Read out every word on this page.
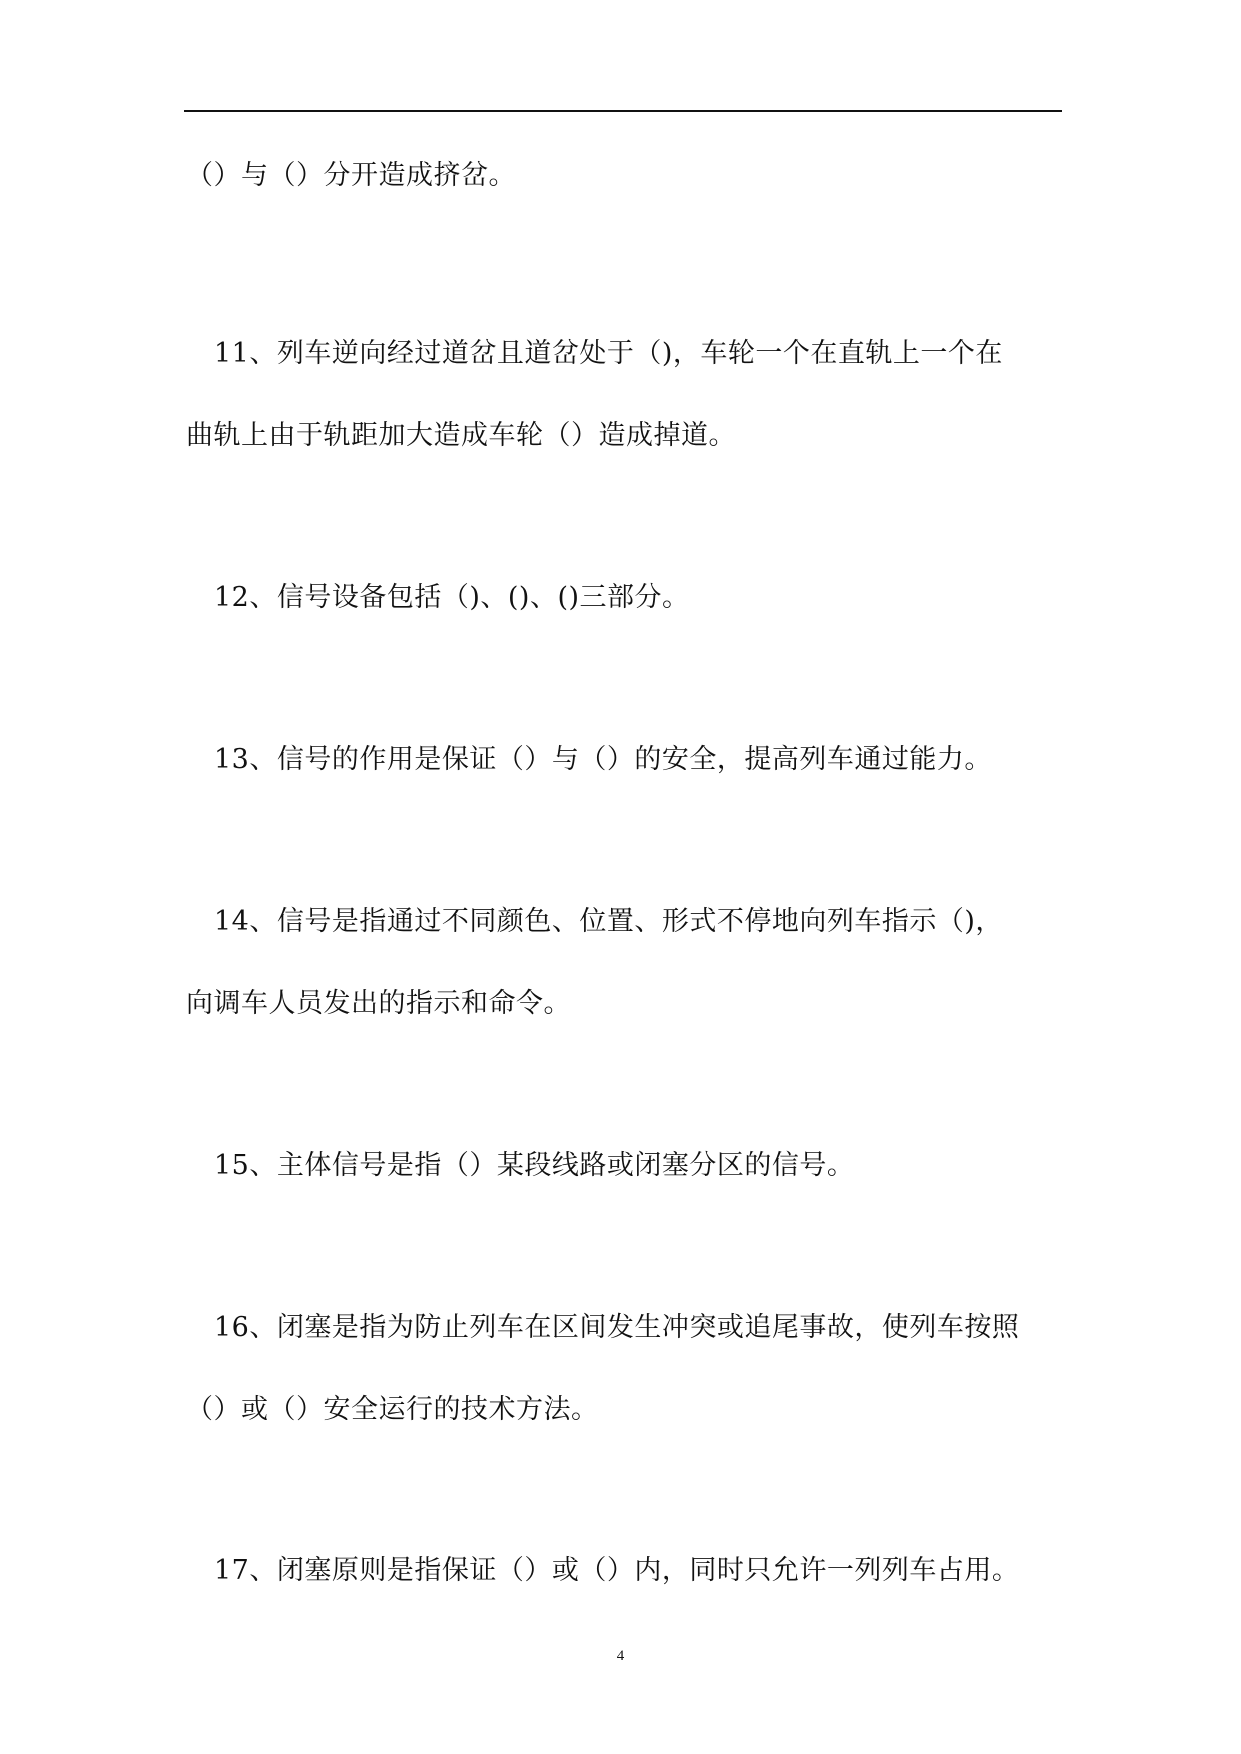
（）与（）分开造成挤岔。
11、列车逆向经过道岔且道岔处于（)，车轮一个在直轨上一个在
曲轨上由于轨距加大造成车轮（）造成掉道。
12、信号设备包括（)、()、()三部分。
13、信号的作用是保证（）与（）的安全，提高列车通过能力。
14、信号是指通过不同颜色、位置、形式不停地向列车指示（)，
向调车人员发出的指示和命令。
15、主体信号是指（）某段线路或闭塞分区的信号。
16、闭塞是指为防止列车在区间发生冲突或追尾事故，使列车按照
（）或（）安全运行的技术方法。
17、闭塞原则是指保证（）或（）内，同时只允许一列列车占用。
4
